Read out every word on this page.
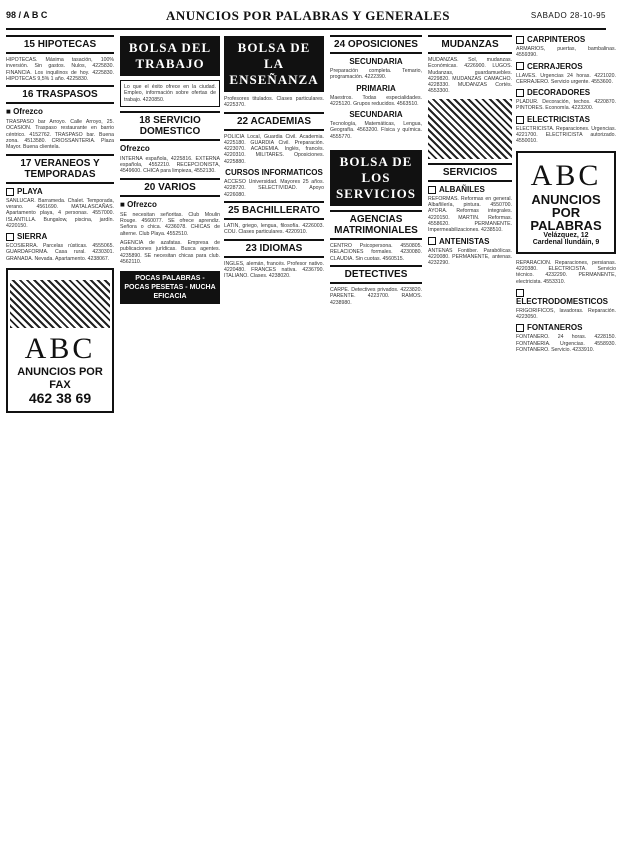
98 / A B C	ANUNCIOS POR PALABRAS Y GENERALES	SABADO 28-10-95
15 HIPOTECAS
HIPOTECAS. Máxima tasación, 100% inversión. Sin gastos. Nulos, 4225830. FINANCIA. Los inquilinos de hoy. 4225830. HIPOTECAS 9,5% 1 año. 4225830.
16 TRASPASOS
■ Ofrezco
TRASPASO bar Arroyo. Calle Arroyo, 25. OCASION. Traspaso restaurante en barrio céntrico. 4152762. TRASPASO bar. Buena zona. 4513580. CRIOSSANTERIA. Plaza Mayor. Buena clientela.
17 VERANEOS Y TEMPORADAS
PLAYA
SANLUCAR. Barrameda. Chalet. Temporada, verano. 4561690. MATALASCAÑAS. Apartamento playa, 4 personas. 4557000. ISLANTILLA. Bungalow, piscina, jardín. 4220150.
SIERRA
ECOSIERRA. Parcelas rústicas. 4555065. GUARDAFORMA. Casa rural. 4230301. GRANADA. Nevada. Apartamento. 4238067.
ABC
ANUNCIOS POR FAX
462 38 69
BOLSA DEL TRABAJO
Lo que el éxito ofrece en la ciudad. Empleo, información sobre ofertas de trabajo. 4220850.
18 SERVICIO DOMESTICO
Ofrezco
INTERNA española, 4225816. EXTERNA española, 4552210. RECEPCIONISTA, 4549600. CHICA para limpieza, 4552130.
20 VARIOS
■ Ofrezco
SE necesitan señoritas. Club Moulin Rouge. 4560077. SE ofrece aprendiz. Señora o chica. 4236078. CHICAS de alterne. Club Playa. 4552510.
AGENCIA de azafatas. Empresa de publicaciones jurídicas. Busca agentes. 4235890. SE necesitan chicas para club. 4562110.
POCAS PALABRAS - POCAS PESETAS - MUCHA EFICACIA
BOLSA DE LA ENSEÑANZA
Profesores titulados. Clases particulares. 4225370.
22 ACADEMIAS
POLICIA Local, Guardia Civil. Academia. 4225180. GUARDIA Civil. Preparación. 4223070. ACADEMIA. Inglés, francés. 4220310. MILITARES. Oposiciones. 4225880.
CURSOS INFORMATICOS
ACCESO Universidad. Mayores 25 años. 4228720. SELECTIVIDAD. Apoyo 4226080.
25 BACHILLERATO
LATIN, griego, lengua, filosofía. 4226003. COU. Clases particulares. 4220910.
23 IDIOMAS
INGLES, alemán, francés. Profesor nativo. 4220480. FRANCES nativa. 4236790. ITALIANO. Clases. 4238020.
24 OPOSICIONES
SECUNDARIA
Preparación completa. Temario, programación. 4222390.
PRIMARIA
Maestros. Todas especialidades. 4225120. Grupos reducidos. 4563510.
SECUNDARIA
Tecnología, Matemáticas, Lengua, Geografía. 4563200. Física y química. 4555770.
BOLSA DE LOS SERVICIOS
AGENCIAS MATRIMONIALES
CENTRO Psicopersona. 4550805. RELACIONES formales. 4230080. CLAUDIA. Sin cuotas. 4560515.
DETECTIVES
CARPE. Detectives privados. 4223820. PARENTE. 4223700. RAMOS. 4238980.
MUDANZAS
MUDANZAS. Sol, mudanzas. Económicas. 4226900. LUGOS. Mudanzas, guardamuebles. 4229820. MUDANZAS CAMACHO. 4228330. MUDANZAS Cortés. 4553300.
SERVICIOS
ALBAÑILES
REFORMAS. Reformas en general. Albañilería, pintura. 4550700. AYORA. Reformas integrales. 4220150. MARTIN. Reformas. 4558620. PERMANENTE. Impermeabilizaciones. 4238510.
ANTENISTAS
ANTENAS Fontiber. Parabólicas. 4220080. PERMANENTE, antenas. 4232290.
CARPINTEROS
ARMARIOS, puertas, bambalinas. 4559390.
CERRAJEROS
LLAVES. Urgencias 24 horas. 4221020. CERRAJERO. Servicio urgente. 4553600.
DECORADORES
PLADUR. Decoración, techos. 4220870. PINTORES. Economía. 4223200.
ELECTRICISTAS
ELECTRICISTA. Reparaciones. Urgencias. 4221700. ELECTRICISTA autorizado. 4550010.
ABC
ANUNCIOS
POR
PALABRAS
Velázquez, 12
Cardenal Ilundáin, 9
REPARACION. Reparaciones, persianas. 4220380. ELECTRICISTA. Servicio técnico. 4232290. PERMANENTE, electricista. 4553310.
ELECTRODOMESTICOS
FRIGORIFICOS, lavadoras. Reparación. 4223050.
FONTANEROS
FONTANERO. 24 horas. 4228150. FONTANERIA. Urgencias. 4558930. FONTANERO. Servicio. 4233910.
